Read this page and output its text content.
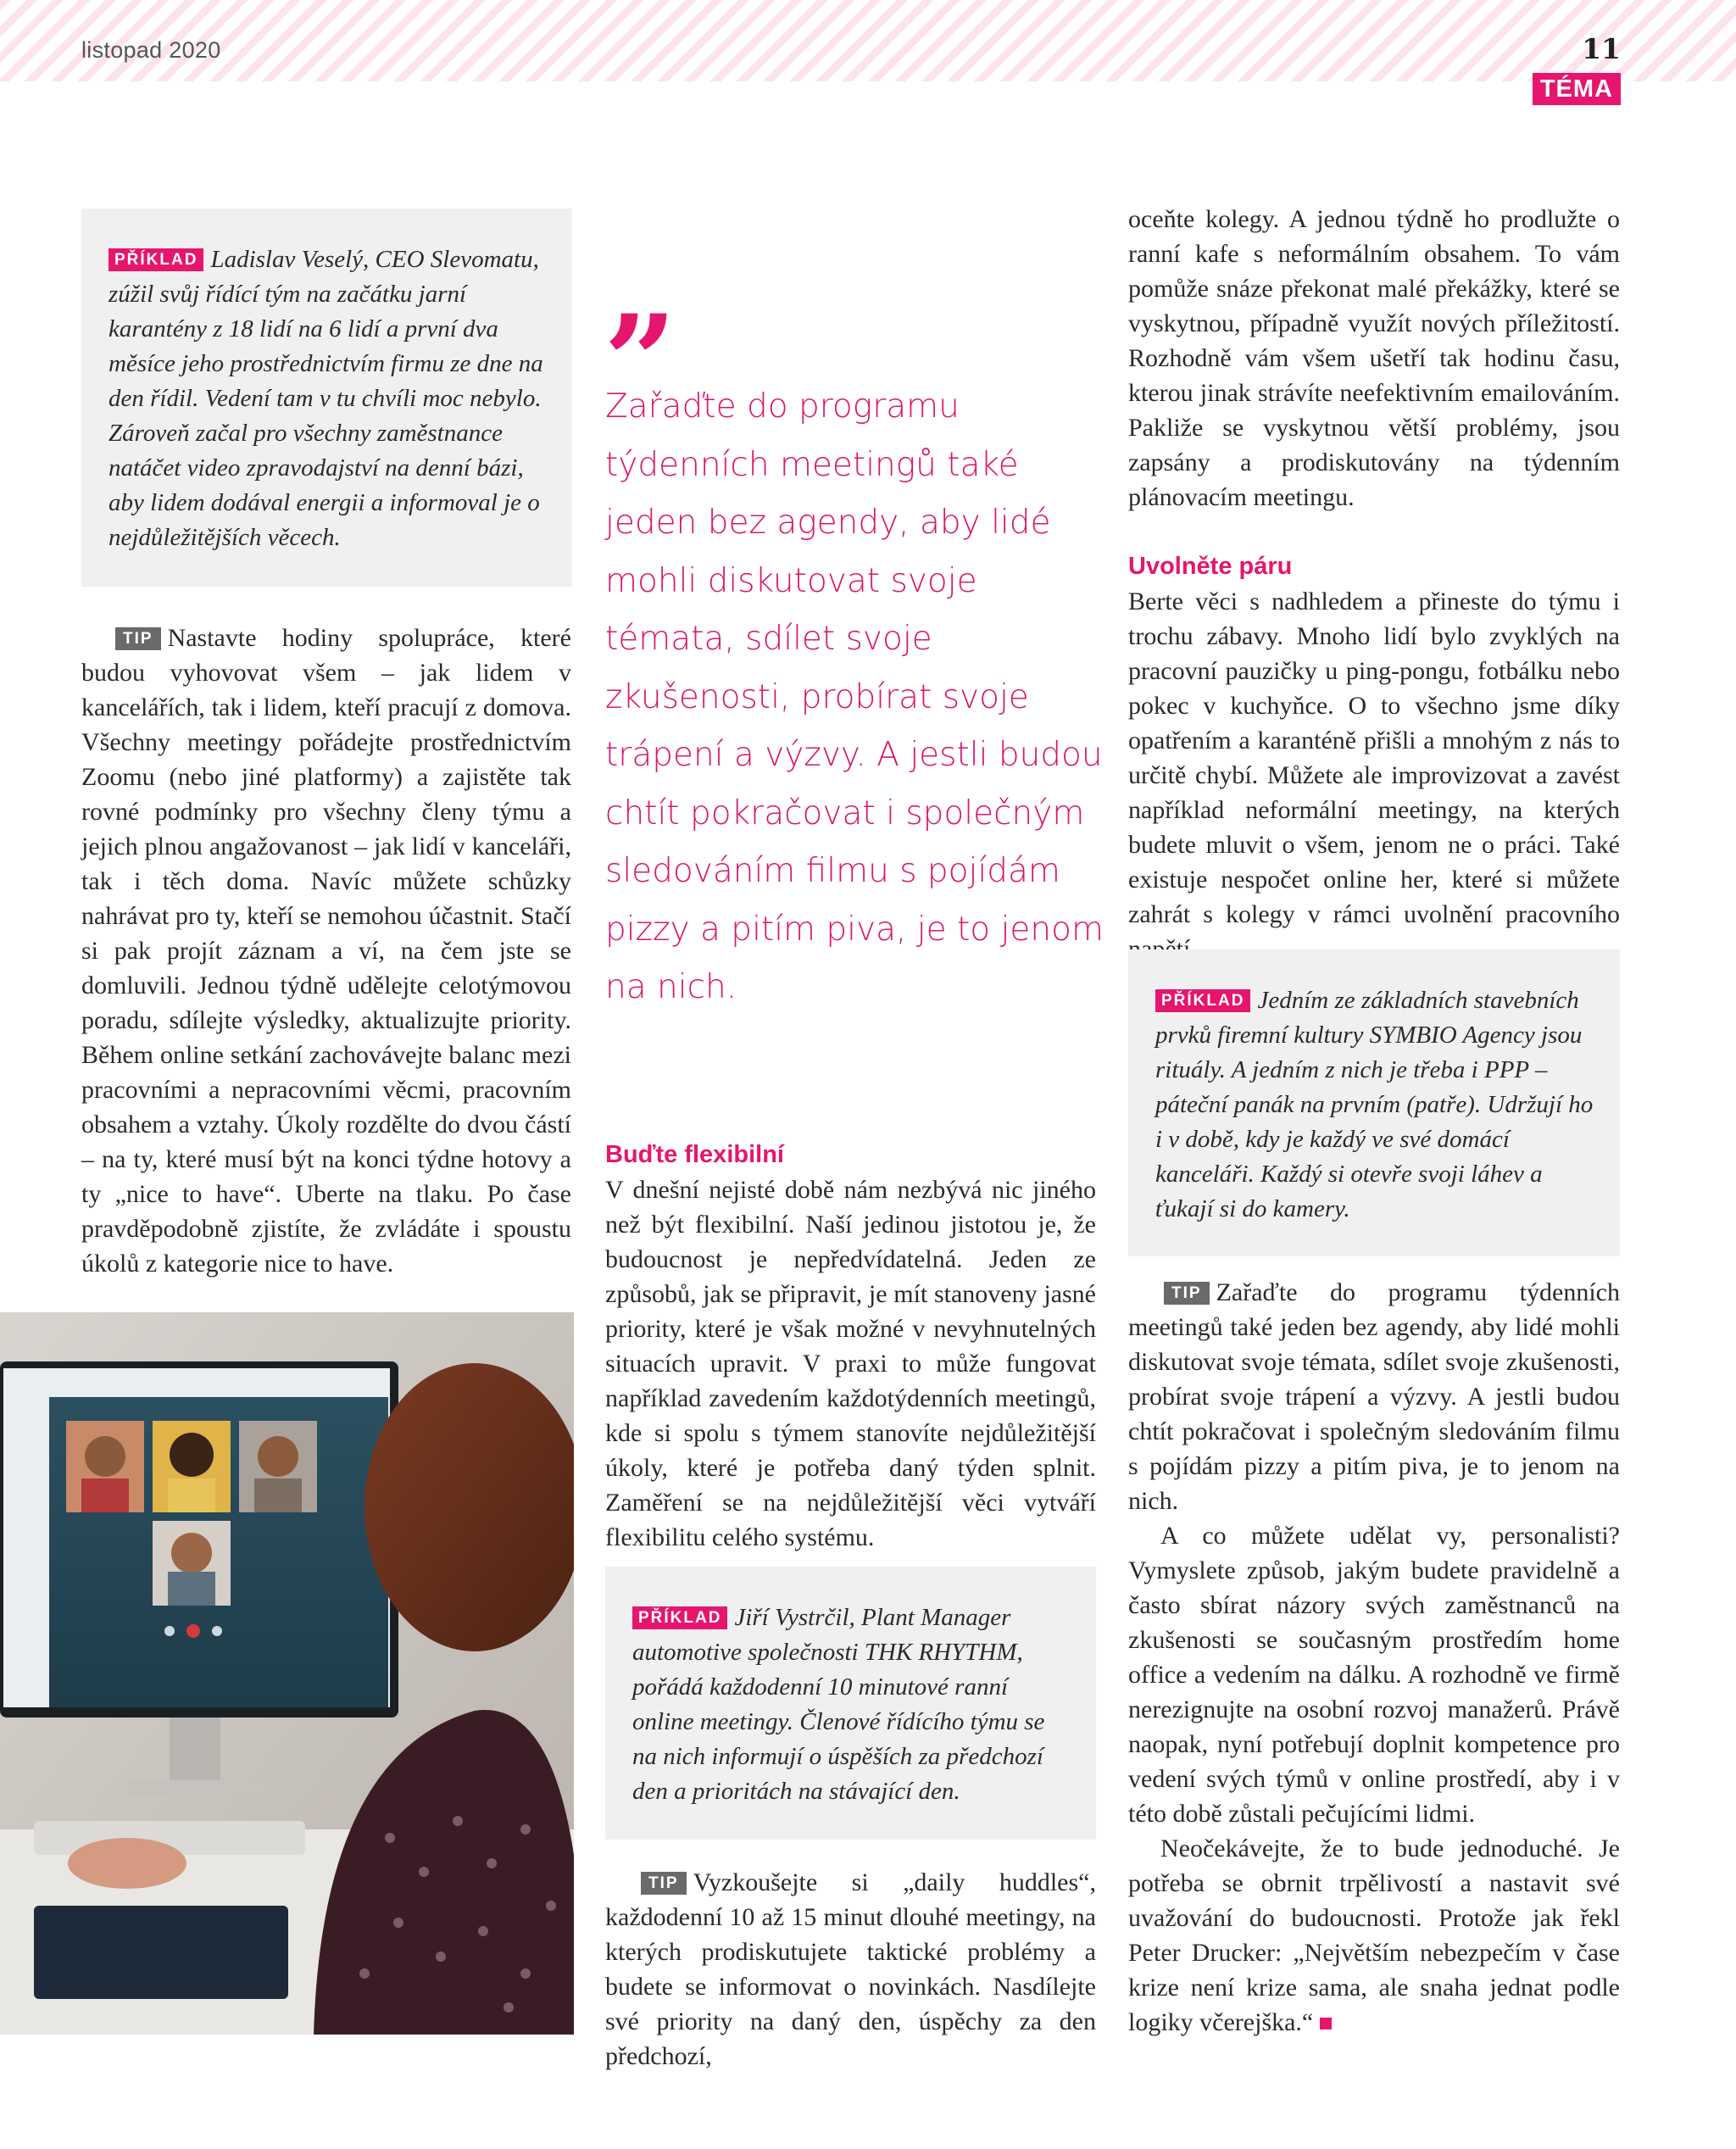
listopad 2020	11
TÉMA
PŘÍKLAD Ladislav Veselý, CEO Slevomatu, zúžil svůj řídící tým na začátku jarní karantény z 18 lidí na 6 lidí a první dva měsíce jeho prostřednictvím firmu ze dne na den řídil. Vedení tam v tu chvíli moc nebylo. Zároveň začal pro všechny zaměstnance natáčet video zpravodajství na denní bázi, aby lidem dodával energii a informoval je o nejdůležitějších věcech.

TIP Nastavte hodiny spolupráce, které budou vyhovovat všem – jak lidem v kancelářích, tak i lidem, kteří pracují z domova. Všechny meetingy pořádejte prostřednictvím Zoomu (nebo jiné platformy) a zajistěte tak rovné podmínky pro všechny členy týmu a jejich plnou angažovanost – jak lidí v kanceláři, tak i těch doma. Navíc můžete schůzky nahrávat pro ty, kteří se nemohou účastnit. Stačí si pak projít záznam a ví, na čem jste se domluvili. Jednou týdně udělejte celotýmovou poradu, sdílejte výsledky, aktualizujte priority. Během online setkání zachovávejte balanc mezi pracovními a nepracovními věcmi, pracovním obsahem a vztahy. Úkoly rozdělte do dvou částí – na ty, které musí být na konci týdne hotovy a ty „nice to have“. Uberte na tlaku. Po čase pravděpodobně zjistíte, že zvládáte i spoustu úkolů z kategorie nice to have.

”
Zařaďte do programu týdenních meetingů také jeden bez agendy, aby lidé mohli diskutovat svoje témata, sdílet svoje zkušenosti, probírat svoje trápení a výzvy. A jestli budou chtít pokračovat i společným sledováním filmu s pojídám pizzy a pitím piva, je to jenom na nich.
Buďte flexibilní

V dnešní nejisté době nám nezbývá nic jiného než být flexibilní. Naší jedinou jistotou je, že budoucnost je nepředvídatelná. Jeden ze způsobů, jak se připravit, je mít stanoveny jasné priority, které je však možné v nevyhnutelných situacích upravit. V praxi to může fungovat například zavedením každotýdenních meetingů, kde si spolu s týmem stanovíte nejdůležitější úkoly, které je potřeba daný týden splnit. Zaměření se na nejdůležitější věci vytváří flexibilitu celého systému.

PŘÍKLAD Jiří Vystrčil, Plant Manager automotive společnosti THK RHYTHM, pořádá každodenní 10 minutové ranní online meetingy. Členové řídícího týmu se na nich informují o úspěších za předchozí den a prioritách na stávající den.

TIP Vyzkoušejte si „daily huddles“, každodenní 10 až 15 minut dlouhé meetingy, na kterých prodiskutujete taktické problémy a budete se informovat o novinkách. Nasdílejte své priority na daný den, úspěchy za den předchozí,

oceňte kolegy. A jednou týdně ho prodlužte o ranní kafe s neformálním obsahem. To vám pomůže snáze překonat malé překážky, které se vyskytnou, případně využít nových příležitostí. Rozhodně vám všem ušetří tak hodinu času, kterou jinak strávíte neefektivním emailováním. Pakliže se vyskytnou větší problémy, jsou zapsány a prodiskutovány na týdenním plánovacím meetingu.

Uvolněte páru

Berte věci s nadhledem a přineste do týmu i trochu zábavy. Mnoho lidí bylo zvyklých na pracovní pauzičky u ping-pongu, fotbálku nebo pokec v kuchyňce. O to všechno jsme díky opatřením a karanténě přišli a mnohým z nás to určitě chybí. Můžete ale improvizovat a zavést například neformální meetingy, na kterých budete mluvit o všem, jenom ne o práci. Také existuje nespočet online her, které si můžete zahrát s kolegy v rámci uvolnění pracovního

PŘÍKLAD Jedním ze základních stavebních prvků firemní kultury SYMBIO Agency jsou rituály. A jedním z nich je třeba i PPP – páteční panák na prvním (patře). Udržují ho i v době, kdy je každý ve své domácí kanceláři. Každý si otevře svoji láhev a ťukají si do kamery.

TIP Zařaďte do programu týdenních meetingů také jeden bez agendy, aby lidé mohli diskutovat svoje témata, sdílet svoje zkušenosti, probírat svoje trápení a výzvy. A jestli budou chtít pokračovat i společným sledováním filmu s pojídám pizzy a pitím piva, je to jenom na nich.

A co můžete udělat vy, personalisti? Vymyslete způsob, jakým budete pravidelně a často sbírat názory svých zaměstnanců na zkušenosti se současným prostředím home office a vedením na dálku. A rozhodně ve firmě nerezignujte na osobní rozvoj manažerů. Právě naopak, nyní potřebují doplnit kompetence pro vedení svých týmů v online prostředí, aby i v této době zůstali pečujícími lidmi.

Neočekávejte, že to bude jednoduché. Je potřeba se obrnit trpělivostí a nastavit své uvažování do budoucnosti. Protože jak řekl Peter Drucker: „Největším nebezpečím v čase krize není krize sama, ale snaha jednat podle logiky včerejška.“
